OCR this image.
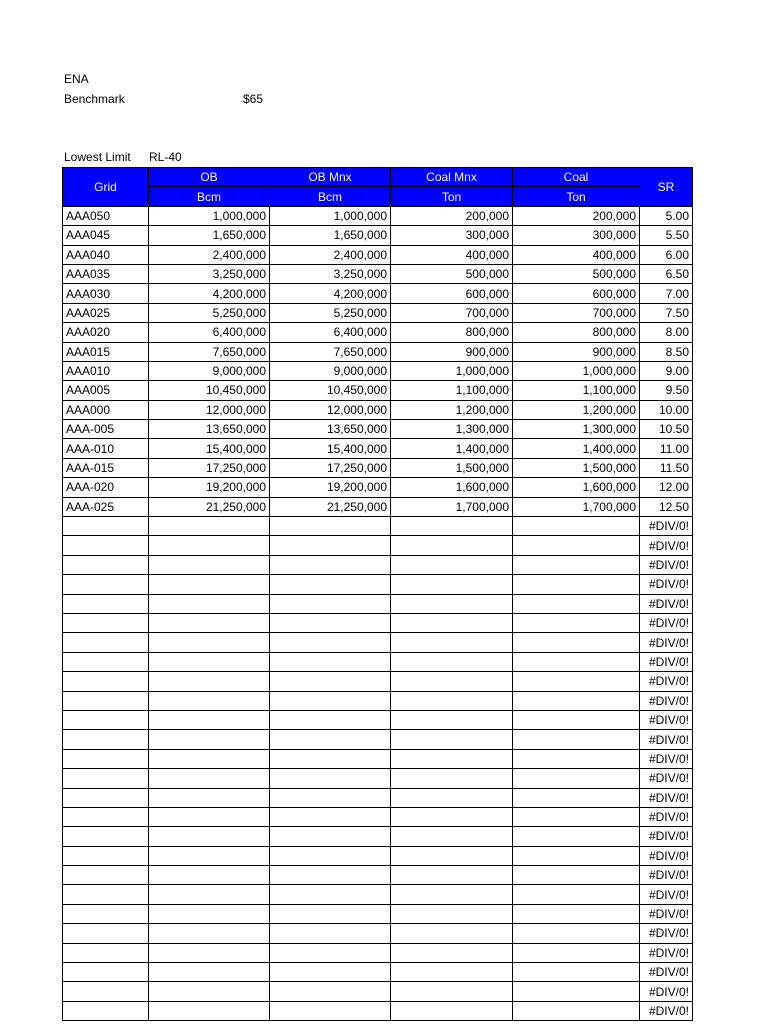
ENA
Benchmark	$65
Lowest Limit RL-40
Grid	OB	OB Mnx	Coal Mnx	Coal	SR
	Bcm	Bcm	Ton	Ton	
AAA050	1,000,000	1,000,000	200,000	200,000	5.00
AAA045	1,650,000	1,650,000	300,000	300,000	5.50
AAA040	2,400,000	2,400,000	400,000	400,000	6.00
AAA035	3,250,000	3,250,000	500,000	500,000	6.50
AAA030	4,200,000	4,200,000	600,000	600,000	7.00
AAA025	5,250,000	5,250,000	700,000	700,000	7.50
AAA020	6,400,000	6,400,000	800,000	800,000	8.00
AAA015	7,650,000	7,650,000	900,000	900,000	8.50
AAA010	9,000,000	9,000,000	1,000,000	1,000,000	9.00
AAA005	10,450,000	10,450,000	1,100,000	1,100,000	9.50
AAA000	12,000,000	12,000,000	1,200,000	1,200,000	10.00
AAA-005	13,650,000	13,650,000	1,300,000	1,300,000	10.50
AAA-010	15,400,000	15,400,000	1,400,000	1,400,000	11.00
AAA-015	17,250,000	17,250,000	1,500,000	1,500,000	11.50
AAA-020	19,200,000	19,200,000	1,600,000	1,600,000	12.00
AAA-025	21,250,000	21,250,000	1,700,000	1,700,000	12.50
					#DIV/0!
					#DIV/0!
					#DIV/0!
					#DIV/0!
					#DIV/0!
					#DIV/0!
					#DIV/0!
					#DIV/0!
					#DIV/0!
					#DIV/0!
					#DIV/0!
					#DIV/0!
					#DIV/0!
					#DIV/0!
					#DIV/0!
					#DIV/0!
					#DIV/0!
					#DIV/0!
					#DIV/0!
					#DIV/0!
					#DIV/0!
					#DIV/0!
					#DIV/0!
					#DIV/0!
					#DIV/0!
					#DIV/0!
